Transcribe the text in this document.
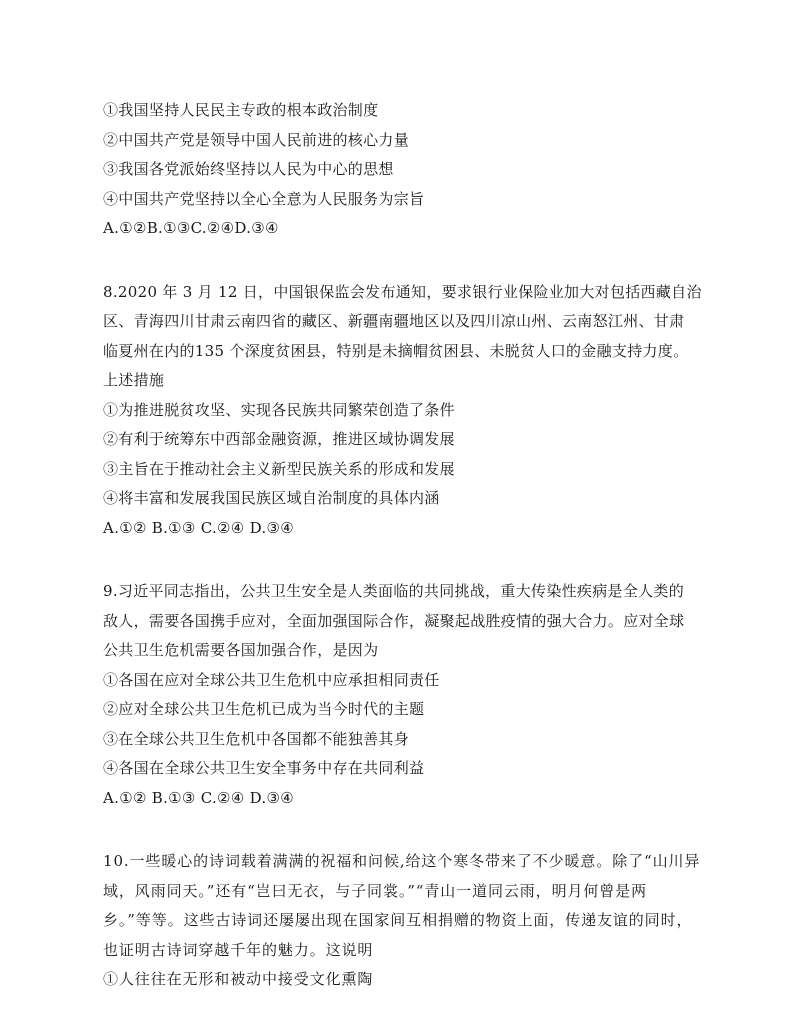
①我国坚持人民民主专政的根本政治制度
②中国共产党是领导中国人民前进的核心力量
③我国各党派始终坚持以人民为中心的思想
④中国共产党坚持以全心全意为人民服务为宗旨
A.①②B.①③C.②④D.③④
8.2020 年 3 月 12 日，中国银保监会发布通知，要求银行业保险业加大对包括西藏自治
区、青海四川甘肃云南四省的藏区、新疆南疆地区以及四川凉山州、云南怒江州、甘肃
临夏州在内的135 个深度贫困县，特别是未摘帽贫困县、未脱贫人口的金融支持力度。
上述措施
①为推进脱贫攻坚、实现各民族共同繁荣创造了条件
②有利于统筹东中西部金融资源，推进区域协调发展
③主旨在于推动社会主义新型民族关系的形成和发展
④将丰富和发展我国民族区域自治制度的具体内涵
A.①② B.①③ C.②④ D.③④
9.习近平同志指出，公共卫生安全是人类面临的共同挑战，重大传染性疾病是全人类的
敌人，需要各国携手应对，全面加强国际合作，凝聚起战胜疫情的强大合力。应对全球
公共卫生危机需要各国加强合作，是因为
①各国在应对全球公共卫生危机中应承担相同责任
②应对全球公共卫生危机已成为当今时代的主题
③在全球公共卫生危机中各国都不能独善其身
④各国在全球公共卫生安全事务中存在共同利益
A.①② B.①③ C.②④ D.③④
10.一些暖心的诗词载着满满的祝福和问候,给这个寒冬带来了不少暖意。除了“山川异
域，风雨同天。”还有“岂曰无衣，与子同裳。”“青山一道同云雨，明月何曾是两
乡。”等等。这些古诗词还屡屡出现在国家间互相捐赠的物资上面，传递友谊的同时，
也证明古诗词穿越千年的魅力。这说明
①人往往在无形和被动中接受文化熏陶
